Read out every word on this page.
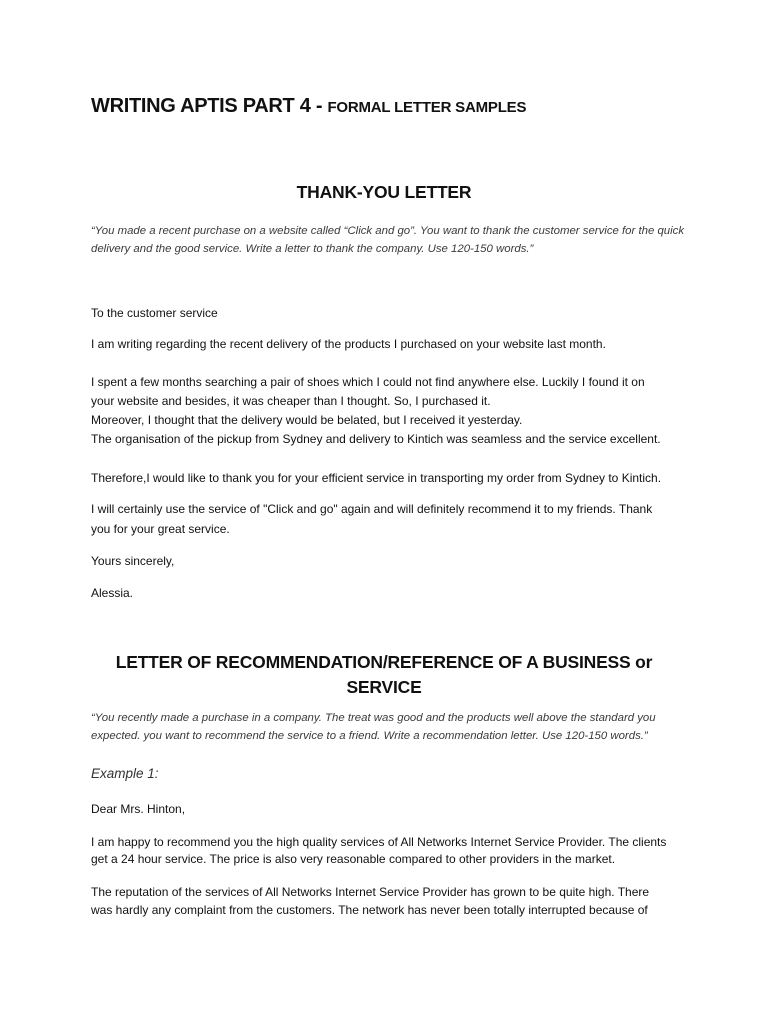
WRITING APTIS PART 4 - FORMAL LETTER SAMPLES
THANK-YOU LETTER
“You made a recent purchase on a website called “Click and go”. You want to thank the customer service for the quick delivery and the good service. Write a letter to thank the company. Use 120-150 words.”
To the customer service
I am writing regarding the recent delivery of the products I purchased on your website last month.
I spent a few months searching a pair of shoes which I could not find anywhere else. Luckily I found it on
your website and besides, it was cheaper than I thought. So, I purchased it.
Moreover, I thought that the delivery would be belated, but I received it yesterday.
The organisation of the pickup from Sydney and delivery to Kintich was seamless and the service excellent.
Therefore,I would like to thank you for your efficient service in transporting my order from Sydney to Kintich.
I will certainly use the service of "Click and go" again and will definitely recommend it to my friends. Thank
you for your great service.
Yours sincerely,
Alessia.
LETTER OF RECOMMENDATION/REFERENCE OF A BUSINESS or
SERVICE
“You recently made a purchase in a company. The treat was good and the products well above the standard you expected. you want to recommend the service to a friend. Write a recommendation letter. Use 120-150 words.”
Example 1:
Dear Mrs. Hinton,
I am happy to recommend you the high quality services of All Networks Internet Service Provider. The clients
get a 24 hour service. The price is also very reasonable compared to other providers in the market.
The reputation of the services of All Networks Internet Service Provider has grown to be quite high. There
was hardly any complaint from the customers. The network has never been totally interrupted because of
